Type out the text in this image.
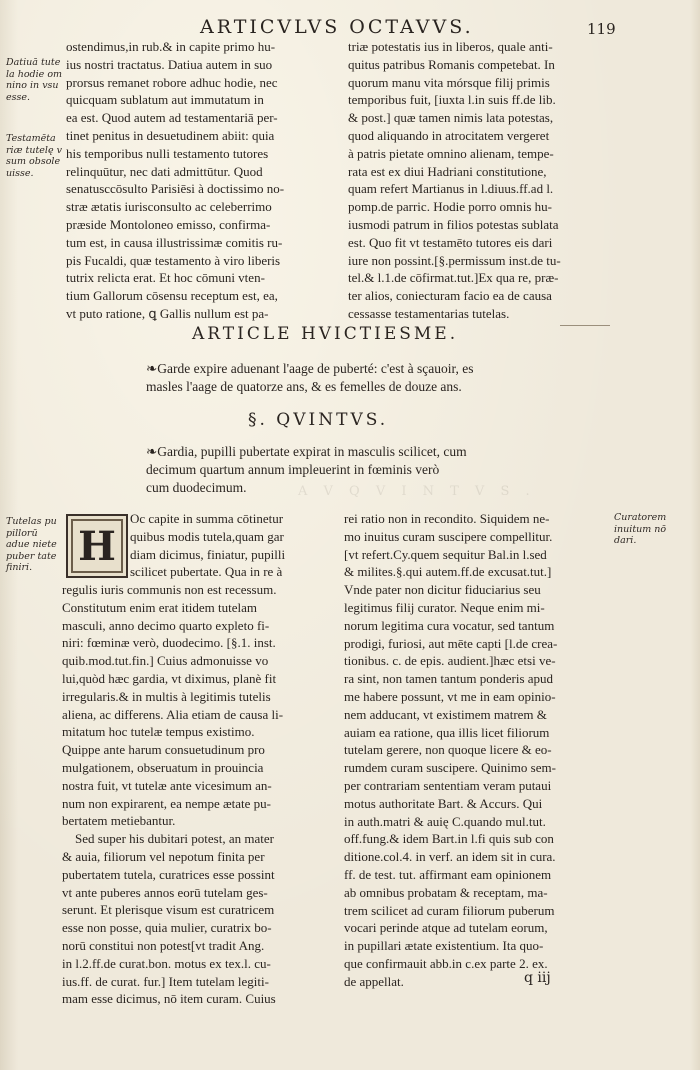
ARTICVLVS OCTAVVS.	119
Datiuā tute la hodie om nino in vsu esse.
Testamēta riæ tutelę v sum obsole uisse.
ostendimus,in rub.& in capite primo hu-
ius nostri tractatus. Datiua autem in suo
prorsus remanet robore adhuc hodie, nec
quicquam sublatum aut immutatum in
ea est. Quod autem ad testamentariā per-
tinet penitus in desuetudinem abiit: quia
his temporibus nulli testamento tutores
relinquūtur, nec dati admittūtur. Quod
senatusccōsulto Parisiēsi à doctissimo no-
stræ ætatis iurisconsulto ac celeberrimo
præside Montoloneo emisso, confirma-
tum est, in causa illustrissimæ comitis ru-
pis Fucaldi, quæ testamento à viro liberis
tutrix relicta erat. Et hoc cōmuni vten-
tium Gallorum cōsensu receptum est, ea,
vt puto ratione, ꝗ Gallis nullum est pa-
triæ potestatis ius in liberos, quale anti-
quitus patribus Romanis competebat. In
quorum manu vita mórsque filij primis
temporibus fuit, [iuxta l.in suis ff.de lib.
& post.] quæ tamen nimis lata potestas,
quod aliquando in atrocitatem vergeret
à patris pietate omnino alienam, tempe-
rata est ex diui Hadriani constitutione,
quam refert Martianus in l.diuus.ff.ad l.
pomp.de parric. Hodie porro omnis hu-
iusmodi patrum in filios potestas sublata
est. Quo fit vt testamēto tutores eis dari
iure non possint.[§.permissum inst.de tu-
tel.& l.1.de cōfirmat.tut.]Ex qua re, præ-
ter alios, coniecturam facio ea de causa
cessasse testamentarias tutelas.
ARTICLE HVICTIESME.
❧Garde expire aduenant l'aage de puberté: c'est à sçauoir, es
masles l'aage de quatorze ans, & es femelles de douze ans.
§. QVINTVS.
❧Gardia, pupilli pubertate expirat in masculis scilicet, cum
decimum quartum annum impleuerint in fœminis verò
cum duodecimum.	A V Q V I N T V S .
Tutelas pu pillorū adue niete puber tate finiri.
Curatorem inuitum nō dari.
H
Oc capite in summa cōtinetur
quibus modis tutela,quam gar
diam dicimus, finiatur, pupilli
scilicet pubertate. Qua in re à
regulis iuris communis non est recessum.
Constitutum enim erat itidem tutelam
masculi, anno decimo quarto expleto fi-
niri: fœminæ verò, duodecimo. [§.1. inst.
quib.mod.tut.fin.] Cuius admonuisse vo
lui,quòd hæc gardia, vt diximus, planè fit
irregularis.& in multis à legitimis tutelis
aliena, ac differens. Alia etiam de causa li-
mitatum hoc tutelæ tempus existimo.
Quippe ante harum consuetudinum pro
mulgationem, obseruatum in prouincia
nostra fuit, vt tutelæ ante vicesimum an-
num non expirarent, ea nempe ætate pu-
bertatem metiebantur.
Sed super his dubitari potest, an mater
& auia, filiorum vel nepotum finita per
pubertatem tutela, curatrices esse possint
vt ante puberes annos eorū tutelam ges-
serunt. Et plerisque visum est curatricem
esse non posse, quia mulier, curatrix bo-
norū constitui non potest[vt tradit Ang.
in l.2.ff.de curat.bon. motus ex tex.l. cu-
ius.ff. de curat. fur.] Item tutelam legiti-
mam esse dicimus, nō item curam. Cuius
rei ratio non in recondito. Siquidem ne-
mo inuitus curam suscipere compellitur.
[vt refert.Cy.quem sequitur Bal.in l.sed
& milites.§.qui autem.ff.de excusat.tut.]
Vnde pater non dicitur fiduciarius seu
legitimus filij curator. Neque enim mi-
norum legitima cura vocatur, sed tantum
prodigi, furiosi, aut mēte capti [l.de crea-
tionibus. c. de epis. audient.]hæc etsi ve-
ra sint, non tamen tantum ponderis apud
me habere possunt, vt me in eam opinio-
nem adducant, vt existimem matrem &
auiam ea ratione, qua illis licet filiorum
tutelam gerere, non quoque licere & eo-
rumdem curam suscipere. Quinimo sem-
per contrariam sententiam veram putaui
motus authoritate Bart. & Accurs. Qui
in auth.matri & auię C.quando mul.tut.
off.fung.& idem Bart.in l.fi quis sub con
ditione.col.4. in verf. an idem sit in cura.
ff. de test. tut. affirmant eam opinionem
ab omnibus probatam & receptam, ma-
trem scilicet ad curam filiorum puberum
vocari perinde atque ad tutelam eorum,
in pupillari ætate existentium. Ita quo-
que confirmauit abb.in c.ex parte 2. ex.
de appellat.	q iij
